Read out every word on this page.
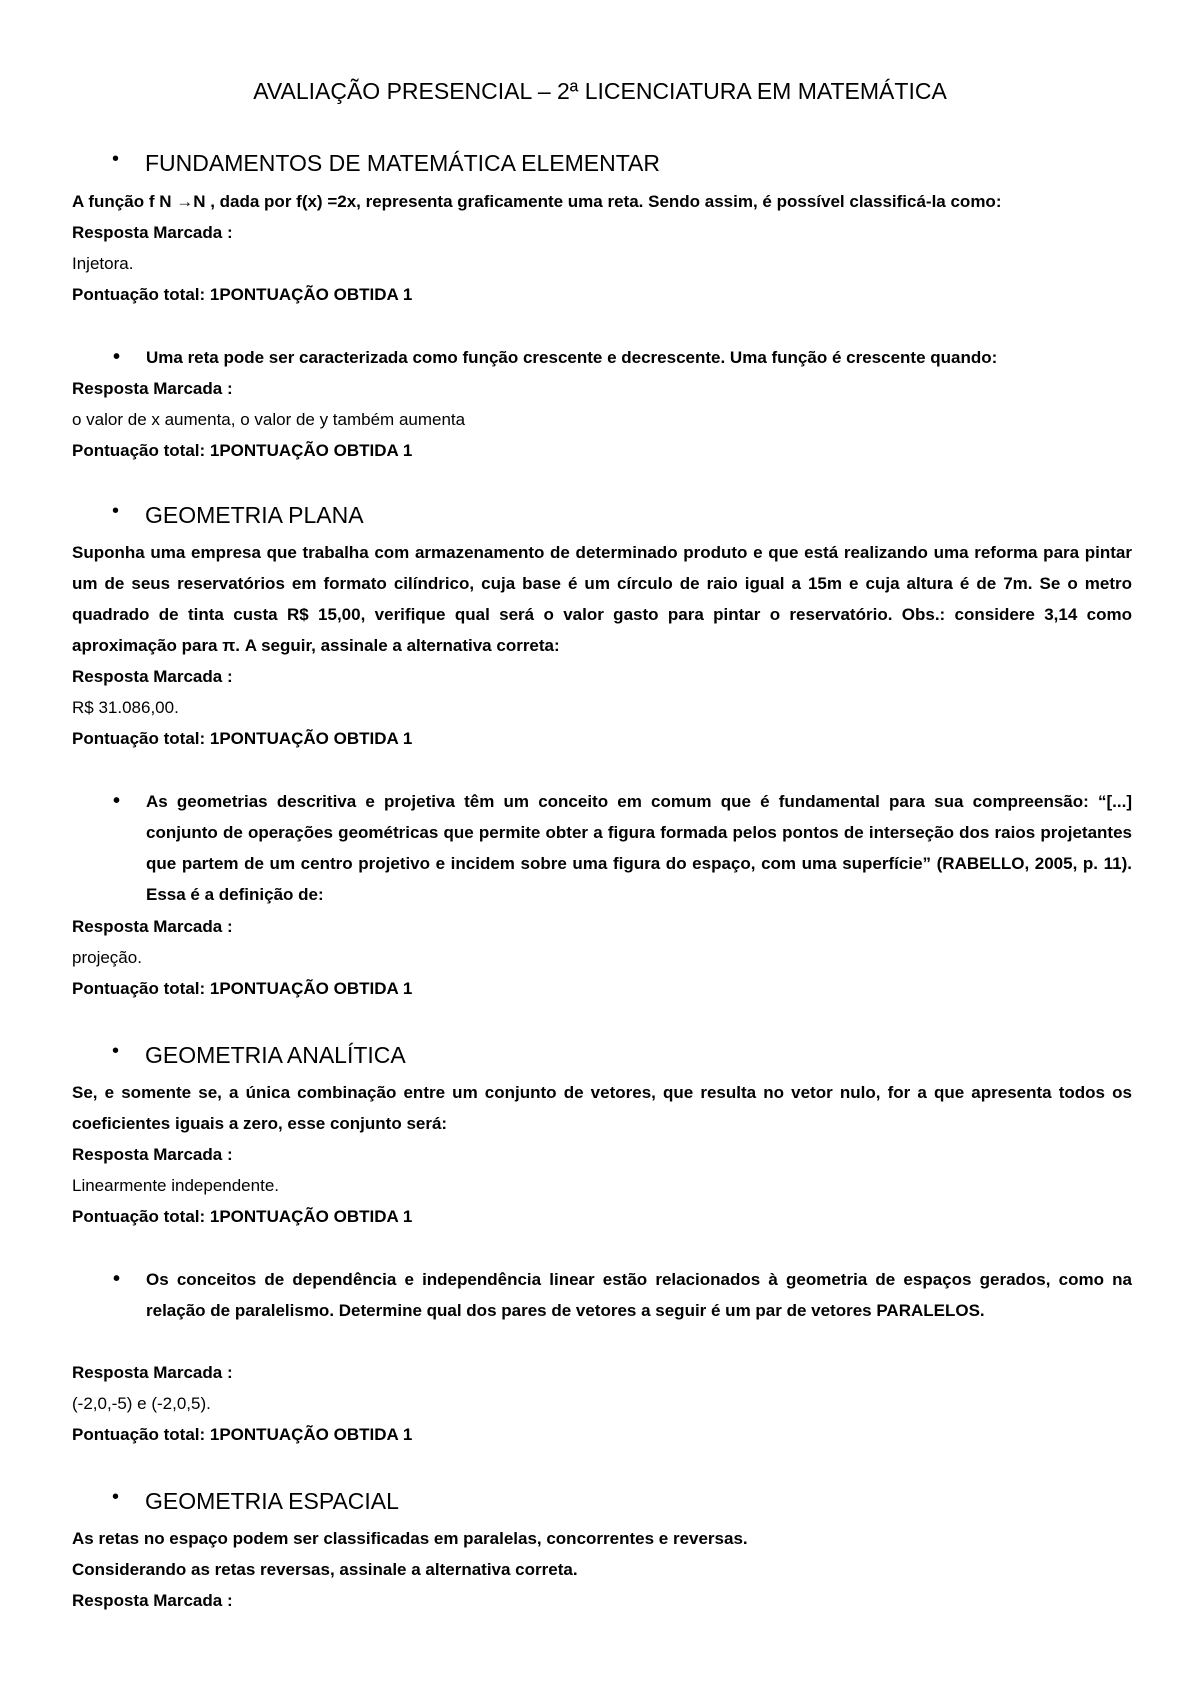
AVALIAÇÃO PRESENCIAL – 2ª LICENCIATURA EM MATEMÁTICA
• FUNDAMENTOS DE MATEMÁTICA ELEMENTAR
A função f N →N , dada por f(x) =2x, representa graficamente uma reta. Sendo assim, é possível classificá-la como:
Resposta Marcada :
Injetora.
Pontuação total: 1PONTUAÇÃO OBTIDA 1
• Uma reta pode ser caracterizada como função crescente e decrescente. Uma função é crescente quando:
Resposta Marcada :
o valor de x aumenta, o valor de y também aumenta
Pontuação total: 1PONTUAÇÃO OBTIDA 1
• GEOMETRIA PLANA
Suponha uma empresa que trabalha com armazenamento de determinado produto e que está realizando uma reforma para pintar um de seus reservatórios em formato cilíndrico, cuja base é um círculo de raio igual a 15m e cuja altura é de 7m. Se o metro quadrado de tinta custa R$ 15,00, verifique qual será o valor gasto para pintar o reservatório. Obs.: considere 3,14 como aproximação para π. A seguir, assinale a alternativa correta:
Resposta Marcada :
R$ 31.086,00.
Pontuação total: 1PONTUAÇÃO OBTIDA 1
• As geometrias descritiva e projetiva têm um conceito em comum que é fundamental para sua compreensão: “[...] conjunto de operações geométricas que permite obter a figura formada pelos pontos de interseção dos raios projetantes que partem de um centro projetivo e incidem sobre uma figura do espaço, com uma superfície” (RABELLO, 2005, p. 11). Essa é a definição de:
Resposta Marcada :
projeção.
Pontuação total: 1PONTUAÇÃO OBTIDA 1
• GEOMETRIA ANALÍTICA
Se, e somente se, a única combinação entre um conjunto de vetores, que resulta no vetor nulo, for a que apresenta todos os coeficientes iguais a zero, esse conjunto será:
Resposta Marcada :
Linearmente independente.
Pontuação total: 1PONTUAÇÃO OBTIDA 1
• Os conceitos de dependência e independência linear estão relacionados à geometria de espaços gerados, como na relação de paralelismo. Determine qual dos pares de vetores a seguir é um par de vetores PARALELOS.
Resposta Marcada :
(-2,0,-5) e (-2,0,5).
Pontuação total: 1PONTUAÇÃO OBTIDA 1
• GEOMETRIA ESPACIAL
As retas no espaço podem ser classificadas em paralelas, concorrentes e reversas.
Considerando as retas reversas, assinale a alternativa correta.
Resposta Marcada :
